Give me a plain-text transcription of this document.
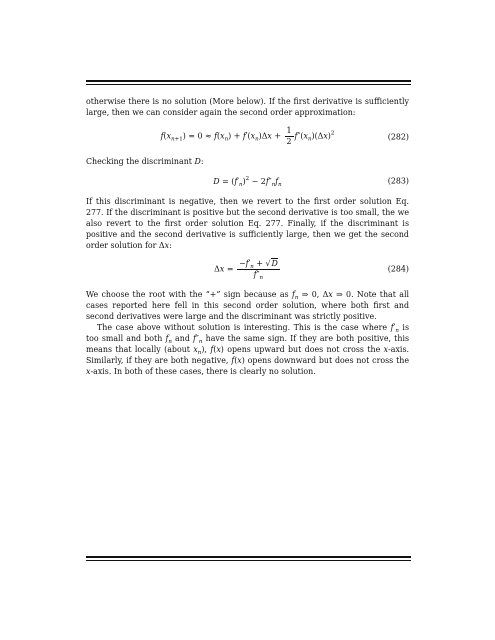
otherwise there is no solution (More below). If the first derivative is sufficiently large, then we can consider again the second order approximation:

$f(x_{n+1}) = 0 \approx f(x_n) + f'(x_n)\Delta x + \frac{1}{2} f''(x_n)(\Delta x)^2$	(282)

Checking the discriminant D:

$D = (f'_n)^2 - 2f''_nf_n$	(283)

If this discriminant is negative, then we revert to the first order solution Eq. 277. If the discriminant is positive but the second derivative is too small, the we also revert to the first order solution Eq. 277. Finally, if the discriminant is positive and the second derivative is sufficiently large, then we get the second order solution for Δx:

$\Delta x = \frac{-f'_n + √D}{f''_n}$	(284)

We choose the root with the “+” sign because as $f_n$ ⇒ 0, Δx ⇒ 0. Note that all cases reported here fell in this second order solution, where both first and second derivatives were large and the discriminant was strictly positive.

The case above without solution is interesting. This is the case where $f'_n$ is too small and both $f_n$ and $f''_n$ have the same sign. If they are both positive, this means that locally (about $x_n$), f(x) opens upward but does not cross the x-axis. Similarly, if they are both negative, f(x) opens downward but does not cross the x-axis. In both of these cases, there is clearly no solution.
